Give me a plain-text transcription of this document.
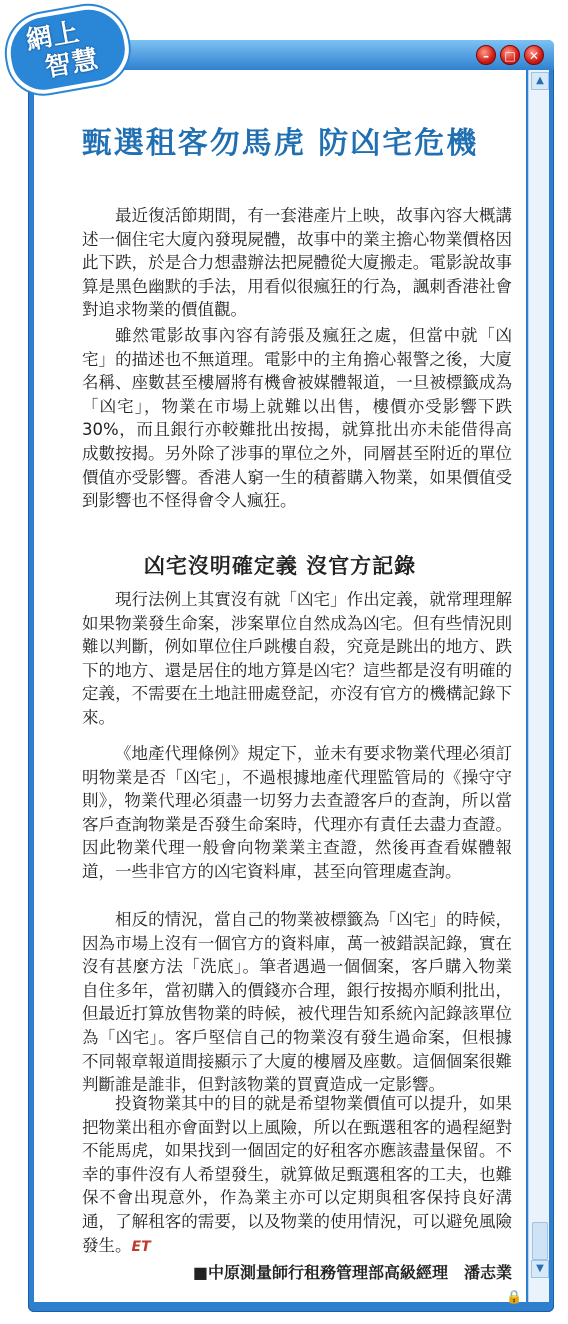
網上
智慧	–	□	✕
甄選租客勿馬虎 防凶宅危機

最近復活節期間，有一套港產片上映，故事內容大概講述一個住宅大廈內發現屍體，故事中的業主擔心物業價格因此下跌，於是合力想盡辦法把屍體從大廈搬走。電影說故事算是黑色幽默的手法，用看似很瘋狂的行為，諷刺香港社會對追求物業的價值觀。

雖然電影故事內容有誇張及瘋狂之處，但當中就「凶宅」的描述也不無道理。電影中的主角擔心報警之後，大廈名稱、座數甚至樓層將有機會被媒體報道，一旦被標籤成為「凶宅」，物業在市場上就難以出售，樓價亦受影響下跌30%，而且銀行亦較難批出按揭，就算批出亦未能借得高成數按揭。另外除了涉事的單位之外，同層甚至附近的單位價值亦受影響。香港人窮一生的積蓄購入物業，如果價值受到影響也不怪得會令人瘋狂。

凶宅沒明確定義 沒官方記錄

現行法例上其實沒有就「凶宅」作出定義，就常理理解如果物業發生命案，涉案單位自然成為凶宅。但有些情況則難以判斷，例如單位住戶跳樓自殺，究竟是跳出的地方、跌下的地方、還是居住的地方算是凶宅？這些都是沒有明確的定義，不需要在土地註冊處登記，亦沒有官方的機構記錄下來。

《地產代理條例》規定下，並未有要求物業代理必須訂明物業是否「凶宅」，不過根據地產代理監管局的《操守守則》，物業代理必須盡一切努力去查證客戶的查詢，所以當客戶查詢物業是否發生命案時，代理亦有責任去盡力查證。因此物業代理一般會向物業業主查證，然後再查看媒體報道，一些非官方的凶宅資料庫，甚至向管理處查詢。

相反的情況，當自己的物業被標籤為「凶宅」的時候，因為市場上沒有一個官方的資料庫，萬一被錯誤記錄，實在沒有甚麼方法「洗底」。筆者遇過一個個案，客戶購入物業自住多年，當初購入的價錢亦合理，銀行按揭亦順利批出，但最近打算放售物業的時候，被代理告知系統內記錄該單位為「凶宅」。客戶堅信自己的物業沒有發生過命案，但根據不同報章報道間接顯示了大廈的樓層及座數。這個個案很難判斷誰是誰非，但對該物業的買賣造成一定影響。

投資物業其中的目的就是希望物業價值可以提升，如果把物業出租亦會面對以上風險，所以在甄選租客的過程絕對不能馬虎，如果找到一個固定的好租客亦應該盡量保留。不幸的事件沒有人希望發生，就算做足甄選租客的工夫，也難保不會出現意外，作為業主亦可以定期與租客保持良好溝通，了解租客的需要，以及物業的使用情況，可以避免風險發生。ET

■中原測量師行租務管理部高級經理　潘志業
▲
▼
🔒
